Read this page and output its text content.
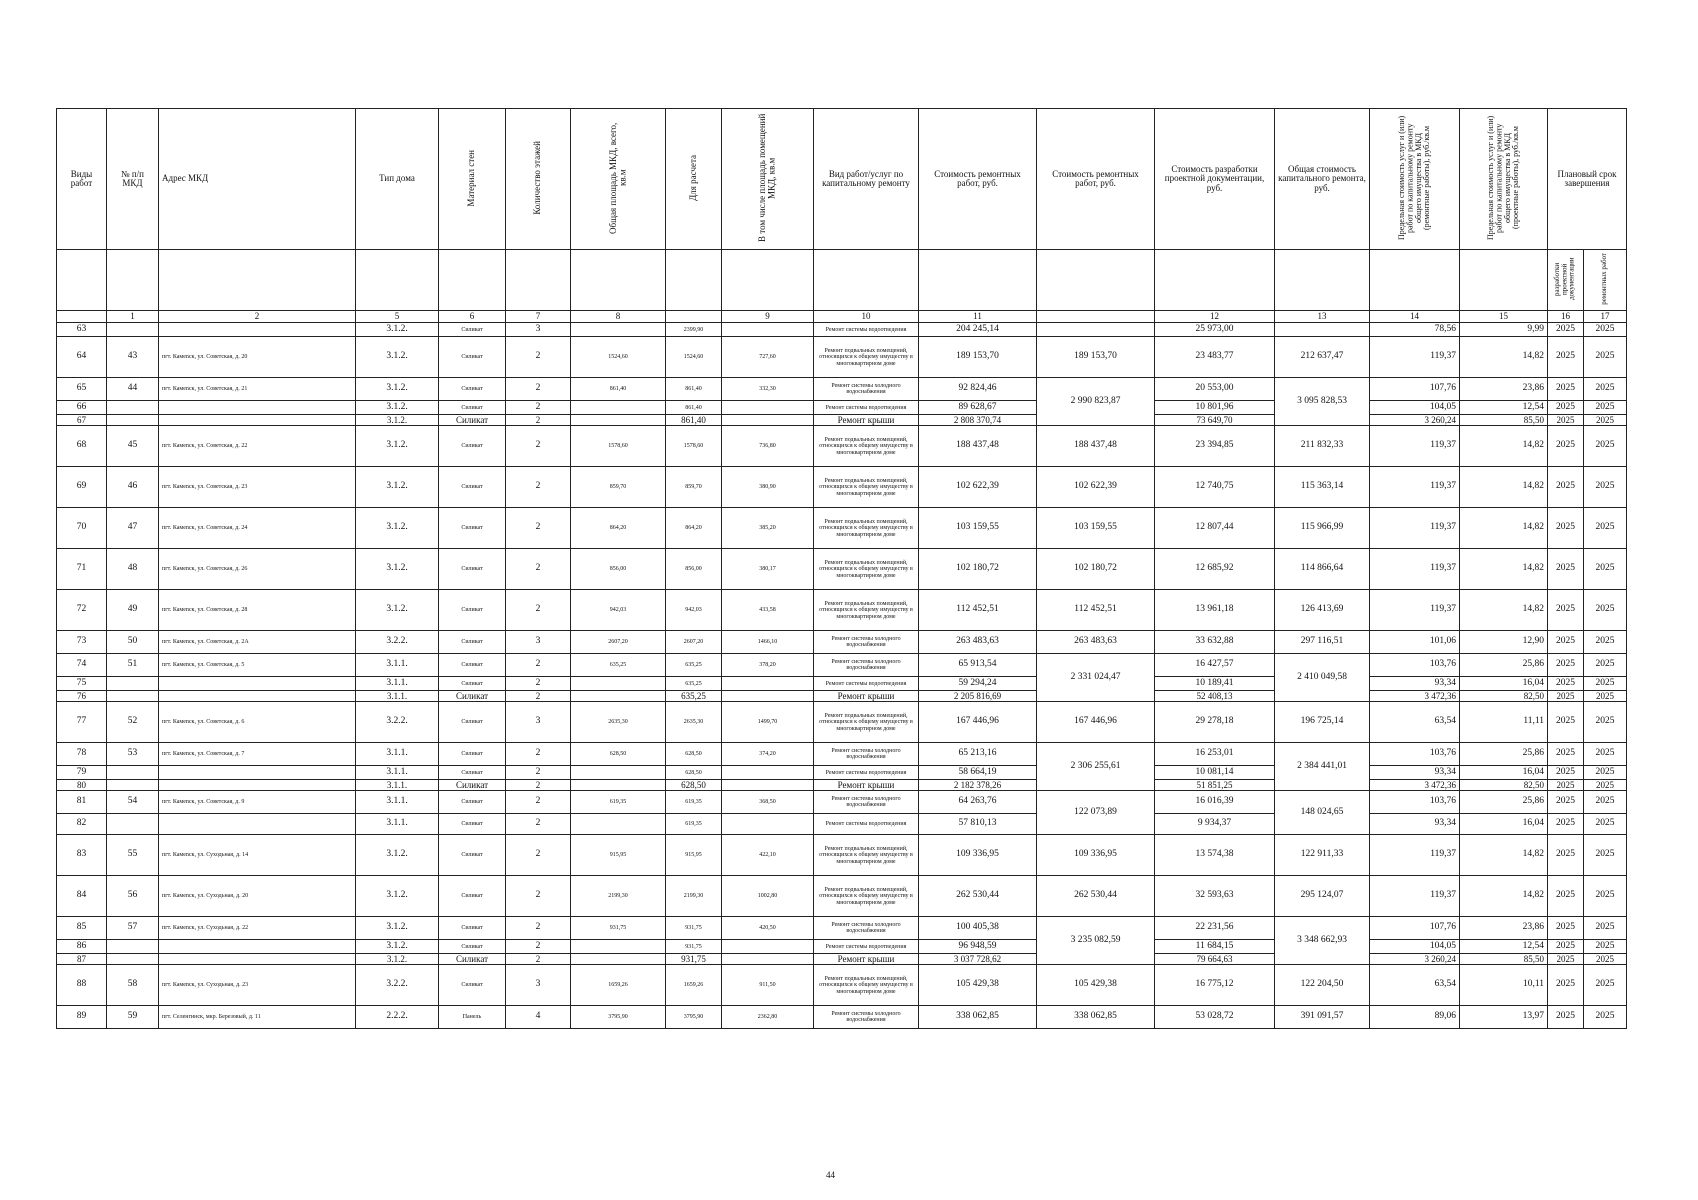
Виды работ	№ п/п МКД	Адрес МКД	Тип дома	Материал стен	Количество этажей	Общая площадь МКД, всего, кв.м	Для расчета	В том числе площадь помещений МКД, кв.м	Вид работ/услуг по капитальному ремонту	Стоимость ремонтных работ, руб.	Стоимость ремонтных работ, руб.	Стоимость разработки проектной документации, руб.	Общая стоимость капитального ремонта, руб.	Предельная стоимость услуг и (или) работ по капитальному ремонту общего имущества в МКД (ремонтные работы), руб./кв.м	Предельная стоимость услуг и (или) работ по капитальному ремонту общего имущества в МКД (проектные работы), руб./кв.м	Плановый срок завершения	
																разработки проектной документации	ремонтных работ
	1	2	5	6	7	8		9	10	11		12	13	14	15	16	17
63			3.1.2.	Силикат	3		2399,90		Ремонт системы водоотведения	204 245,14		25 973,00		78,56	9,99	2025	2025
64	43	пгт. Камenск, ул. Советская, д. 20	3.1.2.	Силикат	2	1524,60	1524,60	727,60	Ремонт подвальных помещений, относящихся к общему имуществу в многоквартирном доме	189 153,70	189 153,70	23 483,77	212 637,47	119,37	14,82	2025	2025
65	44	пгт. Камenск, ул. Советская, д. 21	3.1.2.	Силикат	2	861,40	861,40	332,30	Ремонт системы холодного водоснабжения	92 824,46	2 990 823,87	20 553,00	3 095 828,53	107,76	23,86	2025	2025
66			3.1.2.	Силикат	2		861,40		Ремонт системы водоотведения	89 628,67		10 801,96		104,05	12,54	2025	2025
67			3.1.2.	Силикат	2		861,40		Ремонт крыши	2 808 370,74		73 649,70		3 260,24	85,50	2025	2025
68	45	пгт. Камenск, ул. Советская, д. 22	3.1.2.	Силикат	2	1578,60	1578,60	736,80	Ремонт подвальных помещений, относящихся к общему имуществу в многоквартирном доме	188 437,48	188 437,48	23 394,85	211 832,33	119,37	14,82	2025	2025
69	46	пгт. Камenск, ул. Советская, д. 23	3.1.2.	Силикат	2	859,70	859,70	380,90	Ремонт подвальных помещений, относящихся к общему имуществу в многоквартирном доме	102 622,39	102 622,39	12 740,75	115 363,14	119,37	14,82	2025	2025
70	47	пгт. Камenск, ул. Советская, д. 24	3.1.2.	Силикат	2	864,20	864,20	385,20	Ремонт подвальных помещений, относящихся к общему имуществу в многоквартирном доме	103 159,55	103 159,55	12 807,44	115 966,99	119,37	14,82	2025	2025
71	48	пгт. Камenск, ул. Советская, д. 26	3.1.2.	Силикат	2	856,00	856,00	380,17	Ремонт подвальных помещений, относящихся к общему имуществу в многоквартирном доме	102 180,72	102 180,72	12 685,92	114 866,64	119,37	14,82	2025	2025
72	49	пгт. Камenск, ул. Советская, д. 28	3.1.2.	Силикат	2	942,03	942,03	433,58	Ремонт подвальных помещений, относящихся к общему имуществу в многоквартирном доме	112 452,51	112 452,51	13 961,18	126 413,69	119,37	14,82	2025	2025
73	50	пгт. Камenск, ул. Советская, д. 2А	3.2.2.	Силикат	3	2607,20	2607,20	1466,10	Ремонт системы холодного водоснабжения	263 483,63	263 483,63	33 632,88	297 116,51	101,06	12,90	2025	2025
74	51	пгт. Камenск, ул. Советская, д. 5	3.1.1.	Силикат	2	635,25	635,25	378,20	Ремонт системы холодного водоснабжения	65 913,54	2 331 024,47	16 427,57	2 410 049,58	103,76	25,86	2025	2025
75			3.1.1.	Силикат	2		635,25		Ремонт системы водоотведения	59 294,24		10 189,41		93,34	16,04	2025	2025
76			3.1.1.	Силикат	2		635,25		Ремонт крыши	2 205 816,69		52 408,13		3 472,36	82,50	2025	2025
77	52	пгт. Камenск, ул. Советская, д. 6	3.2.2.	Силикат	3	2635,30	2635,30	1499,70	Ремонт подвальных помещений, относящихся к общему имуществу в многоквартирном доме	167 446,96	167 446,96	29 278,18	196 725,14	63,54	11,11	2025	2025
78	53	пгт. Камenск, ул. Советская, д. 7	3.1.1.	Силикат	2	628,50	628,50	374,20	Ремонт системы холодного водоснабжения	65 213,16	2 306 255,61	16 253,01	2 384 441,01	103,76	25,86	2025	2025
79			3.1.1.	Силикат	2		628,50		Ремонт системы водоотведения	58 664,19		10 081,14		93,34	16,04	2025	2025
80			3.1.1.	Силикат	2		628,50		Ремонт крыши	2 182 378,26		51 851,25		3 472,36	82,50	2025	2025
81	54	пгт. Камenск, ул. Советская, д. 9	3.1.1.	Силикат	2	619,35	619,35	368,50	Ремонт системы холодного водоснабжения	64 263,76	122 073,89	16 016,39	148 024,65	103,76	25,86	2025	2025
82			3.1.1.	Силикат	2		619,35		Ремонт системы водоотведения	57 810,13		9 934,37		93,34	16,04	2025	2025
83	55	пгт. Камenск, ул. Суходьная, д. 14	3.1.2.	Силикат	2	915,95	915,95	422,10	Ремонт подвальных помещений, относящихся к общему имуществу в многоквартирном доме	109 336,95	109 336,95	13 574,38	122 911,33	119,37	14,82	2025	2025
84	56	пгт. Камenск, ул. Суходьная, д. 20	3.1.2.	Силикат	2	2199,30	2199,30	1002,80	Ремонт подвальных помещений, относящихся к общему имуществу в многоквартирном доме	262 530,44	262 530,44	32 593,63	295 124,07	119,37	14,82	2025	2025
85	57	пгт. Камenск, ул. Суходьная, д. 22	3.1.2.	Силикат	2	931,75	931,75	420,50	Ремонт системы холодного водоснабжения	100 405,38	3 235 082,59	22 231,56	3 348 662,93	107,76	23,86	2025	2025
86			3.1.2.	Силикат	2		931,75		Ремонт системы водоотведения	96 948,59		11 684,15		104,05	12,54	2025	2025
87			3.1.2.	Силикат	2		931,75		Ремонт крыши	3 037 728,62		79 664,63		3 260,24	85,50	2025	2025
88	58	пгт. Камenск, ул. Суходьная, д. 23	3.2.2.	Силикат	3	1659,26	1659,26	911,50	Ремонт подвальных помещений, относящихся к общему имуществу в многоквартирном доме	105 429,38	105 429,38	16 775,12	122 204,50	63,54	10,11	2025	2025
89	59	пгт. Селенгинск, мкр. Березовый, д. 11	2.2.2.	Панель	4	3795,90	3795,90	2362,80	Ремонт системы холодного водоснабжения	338 062,85	338 062,85	53 028,72	391 091,57	89,06	13,97	2025	2025
44
